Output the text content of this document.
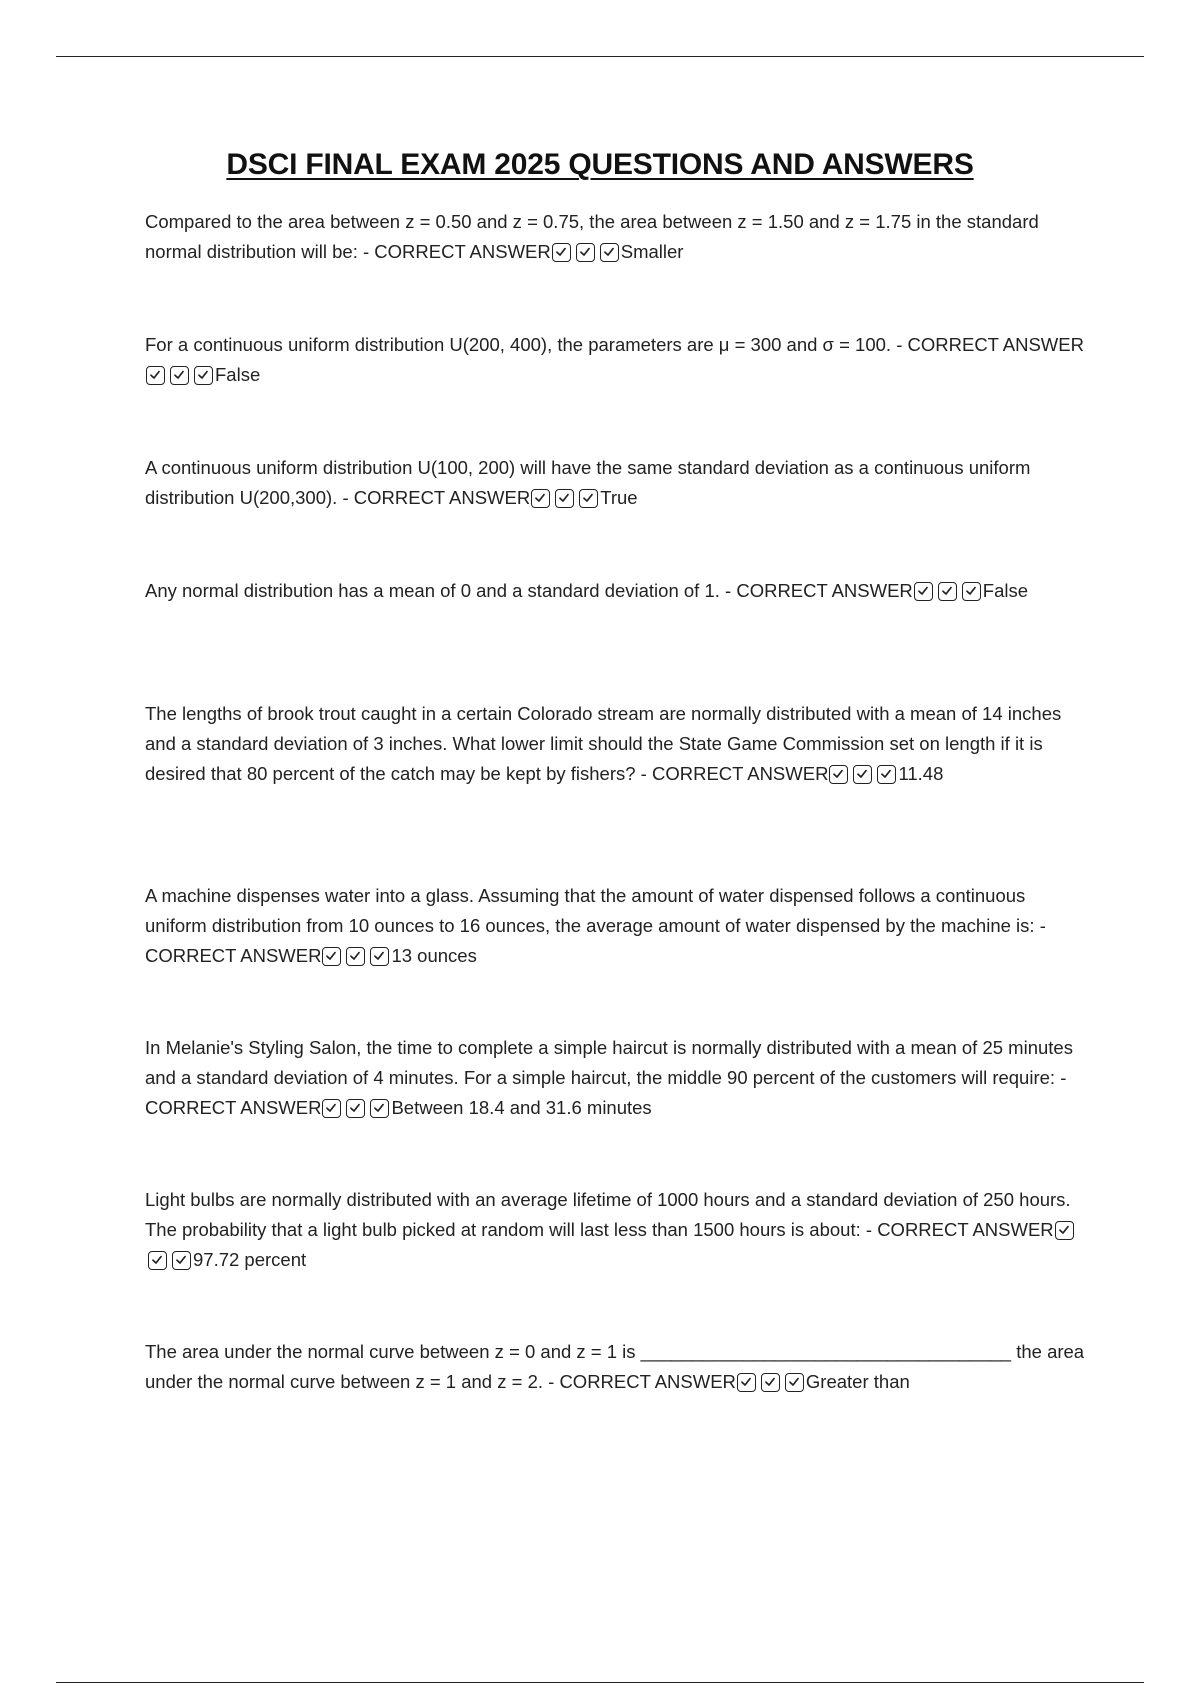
DSCI FINAL EXAM 2025 QUESTIONS AND ANSWERS
Compared to the area between z = 0.50 and z = 0.75, the area between z = 1.50 and z = 1.75 in the standard normal distribution will be: - CORRECT ANSWER	Smaller
For a continuous uniform distribution U(200, 400), the parameters are μ = 300 and σ = 100. - CORRECT ANSWER
False
A continuous uniform distribution U(100, 200) will have the same standard deviation as a continuous uniform distribution U(200,300). - CORRECT ANSWER	True
Any normal distribution has a mean of 0 and a standard deviation of 1. - CORRECT ANSWER	False
The lengths of brook trout caught in a certain Colorado stream are normally distributed with a mean of 14 inches and a standard deviation of 3 inches. What lower limit should the State Game Commission set on length if it is desired that 80 percent of the catch may be kept by fishers? - CORRECT ANSWER	11.48
A machine dispenses water into a glass. Assuming that the amount of water dispensed follows a continuous uniform distribution from 10 ounces to 16 ounces, the average amount of water dispensed by the machine is: - CORRECT ANSWER	13 ounces
In Melanie's Styling Salon, the time to complete a simple haircut is normally distributed with a mean of 25 minutes and a standard deviation of 4 minutes. For a simple haircut, the middle 90 percent of the customers will require: - CORRECT ANSWER	Between 18.4 and 31.6 minutes
Light bulbs are normally distributed with an average lifetime of 1000 hours and a standard deviation of 250 hours. The probability that a light bulb picked at random will last less than 1500 hours is about: - CORRECT ANSWER
97.72 percent
The area under the normal curve between z = 0 and z = 1 is ____________________________________ the area under the normal curve between z = 1 and z = 2. - CORRECT ANSWER	Greater than
